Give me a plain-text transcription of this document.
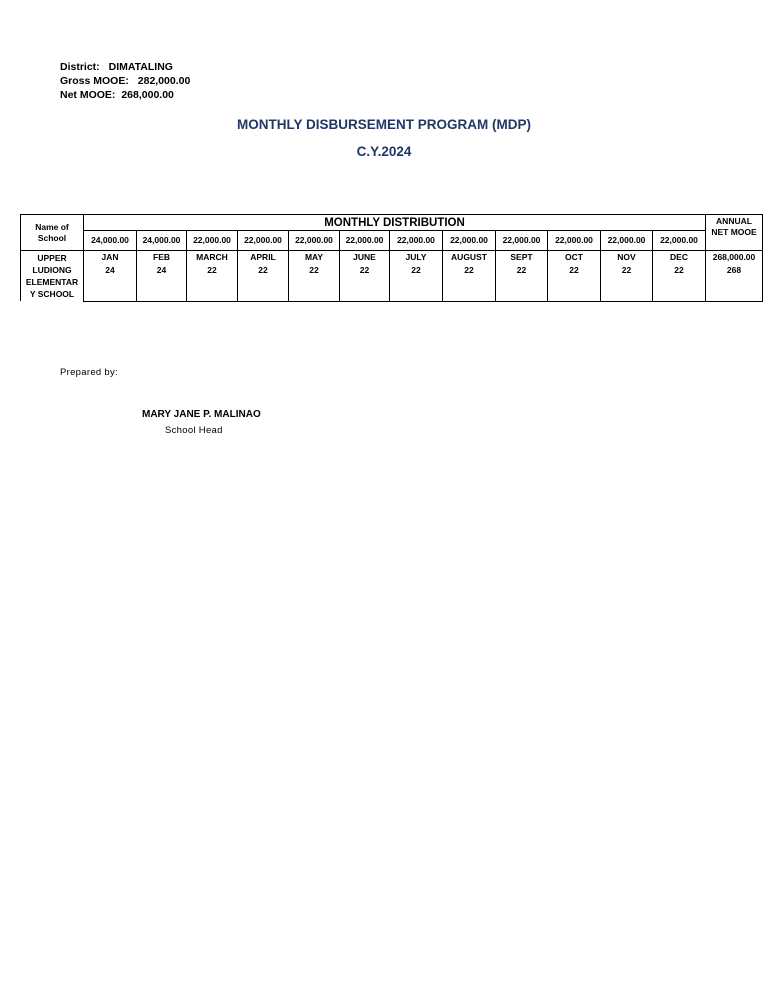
District: DIMATALING
Gross MOOE: 282,000.00
Net MOOE: 268,000.00
MONTHLY DISBURSEMENT PROGRAM (MDP)
C.Y.2024
Name of School	MONTHLY DISTRIBUTION												ANNUAL NET MOOE
	24,000.00	24,000.00	22,000.00	22,000.00	22,000.00	22,000.00	22,000.00	22,000.00	22,000.00	22,000.00	22,000.00	22,000.00	

UPPER
LUDIONG
ELEMENTAR
Y SCHOOL	JAN	FEB	MARCH	APRIL	MAY	JUNE	JULY	AUGUST	SEPT	OCT	NOV	DEC	268,000.00
	24	24	22	22	22	22	22	22	22	22	22	22	268
Prepared by:
MARY JANE P. MALINAO
School Head
